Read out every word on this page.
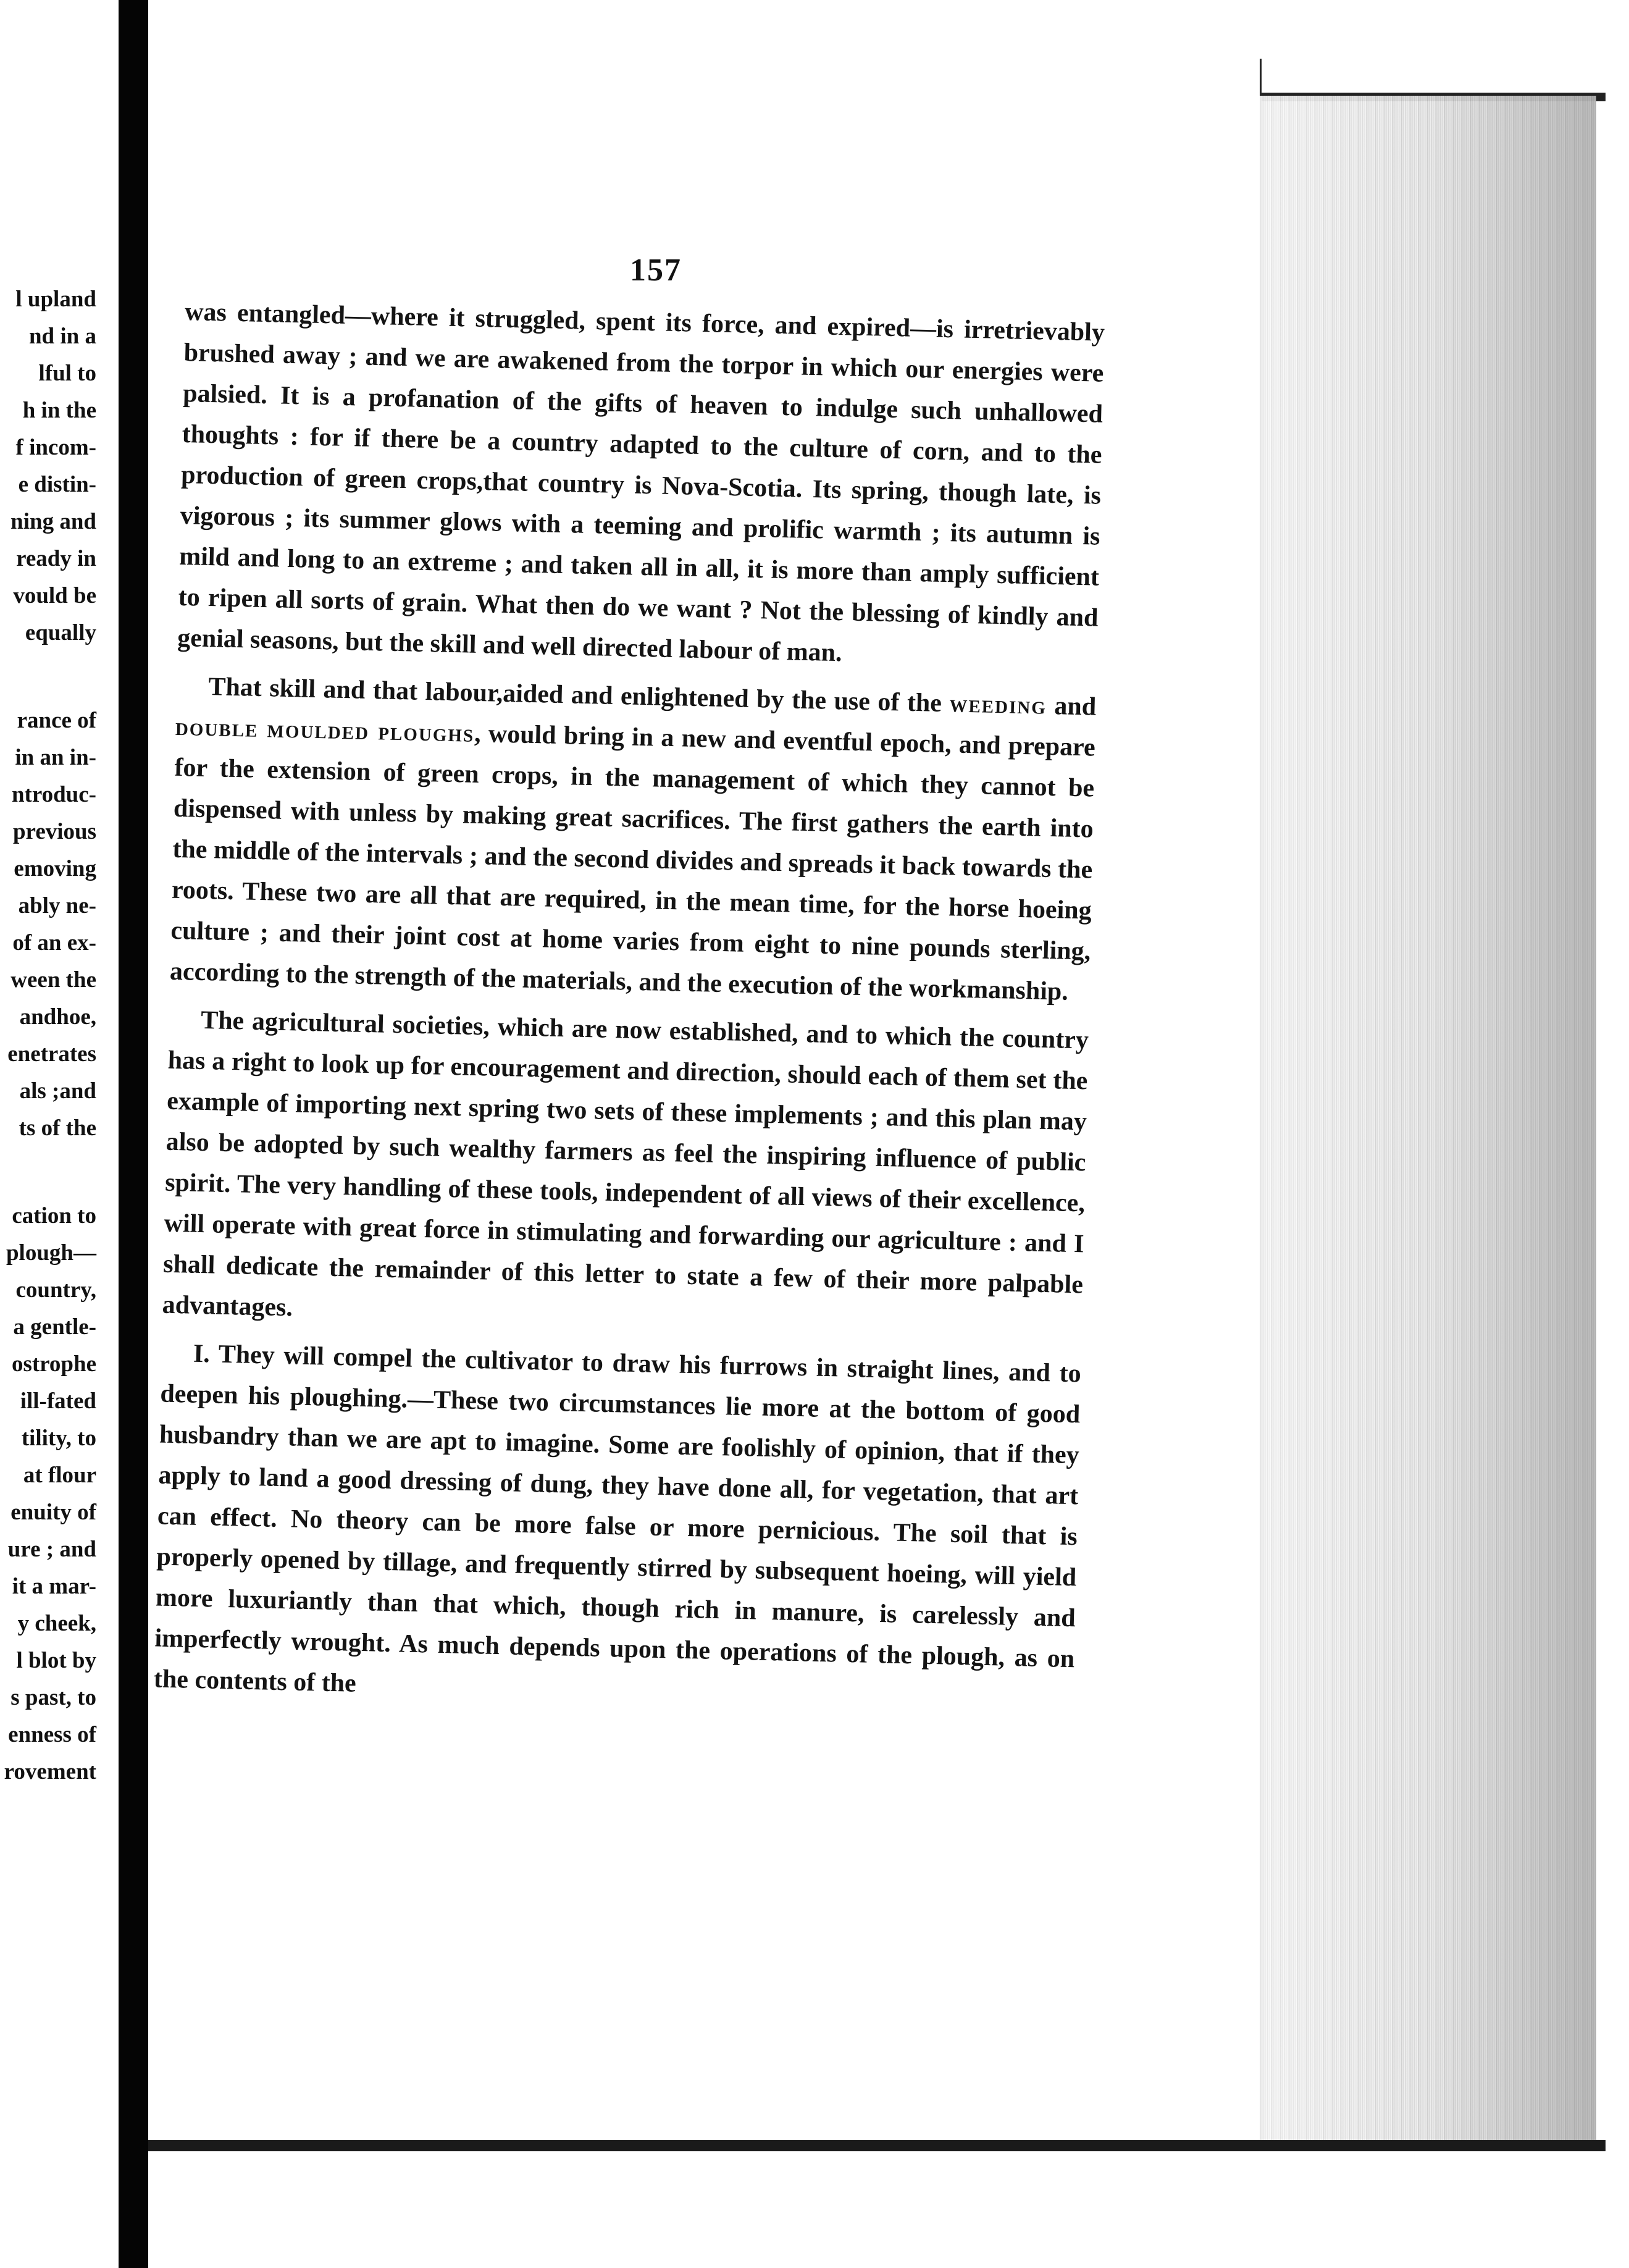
l upland
nd in a
lful to
h in the
f incom-
e distin-
ning and
ready in
vould be
equally
rance of
in an in-
ntroduc-
previous
emoving
ably ne-
of an ex-
ween the
andhoe,
enetrates
als ;and
ts of the
cation to
plough—
country,
a gentle-
ostrophe
ill-fated
tility, to
at flour
enuity of
ure ; and
it a mar-
y cheek,
l blot by
s past, to
enness of
rovement
157

was entangled—where it struggled, spent its force, and expired—is irretrievably brushed away ; and we are awakened from the torpor in which our energies were palsied. It is a profanation of the gifts of heaven to indulge such unhallowed thoughts : for if there be a country adapted to the culture of corn, and to the production of green crops,that country is Nova-Scotia. Its spring, though late, is vigorous ; its summer glows with a teeming and prolific warmth ; its autumn is mild and long to an extreme ; and taken all in all, it is more than amply sufficient to ripen all sorts of grain. What then do we want ? Not the blessing of kindly and genial seasons, but the skill and well directed labour of man.

That skill and that labour,aided and enlightened by the use of the weeding and double moulded ploughs, would bring in a new and eventful epoch, and prepare for the extension of green crops, in the management of which they cannot be dispensed with unless by making great sacrifices. The first gathers the earth into the middle of the intervals ; and the second divides and spreads it back towards the roots. These two are all that are required, in the mean time, for the horse hoeing culture ; and their joint cost at home varies from eight to nine pounds sterling, according to the strength of the materials, and the execution of the workmanship.

The agricultural societies, which are now established, and to which the country has a right to look up for encouragement and direction, should each of them set the example of importing next spring two sets of these implements ; and this plan may also be adopted by such wealthy farmers as feel the inspiring influence of public spirit. The very handling of these tools, independent of all views of their excellence, will operate with great force in stimulating and forwarding our agriculture : and I shall dedicate the remainder of this letter to state a few of their more palpable advantages.

I. They will compel the cultivator to draw his furrows in straight lines, and to deepen his ploughing.—These two circumstances lie more at the bottom of good husbandry than we are apt to imagine. Some are foolishly of opinion, that if they apply to land a good dressing of dung, they have done all, for vegetation, that art can effect. No theory can be more false or more pernicious. The soil that is properly opened by tillage, and frequently stirred by subsequent hoeing, will yield more luxuriantly than that which, though rich in manure, is carelessly and imperfectly wrought. As much depends upon the operations of the plough, as on the contents of the
